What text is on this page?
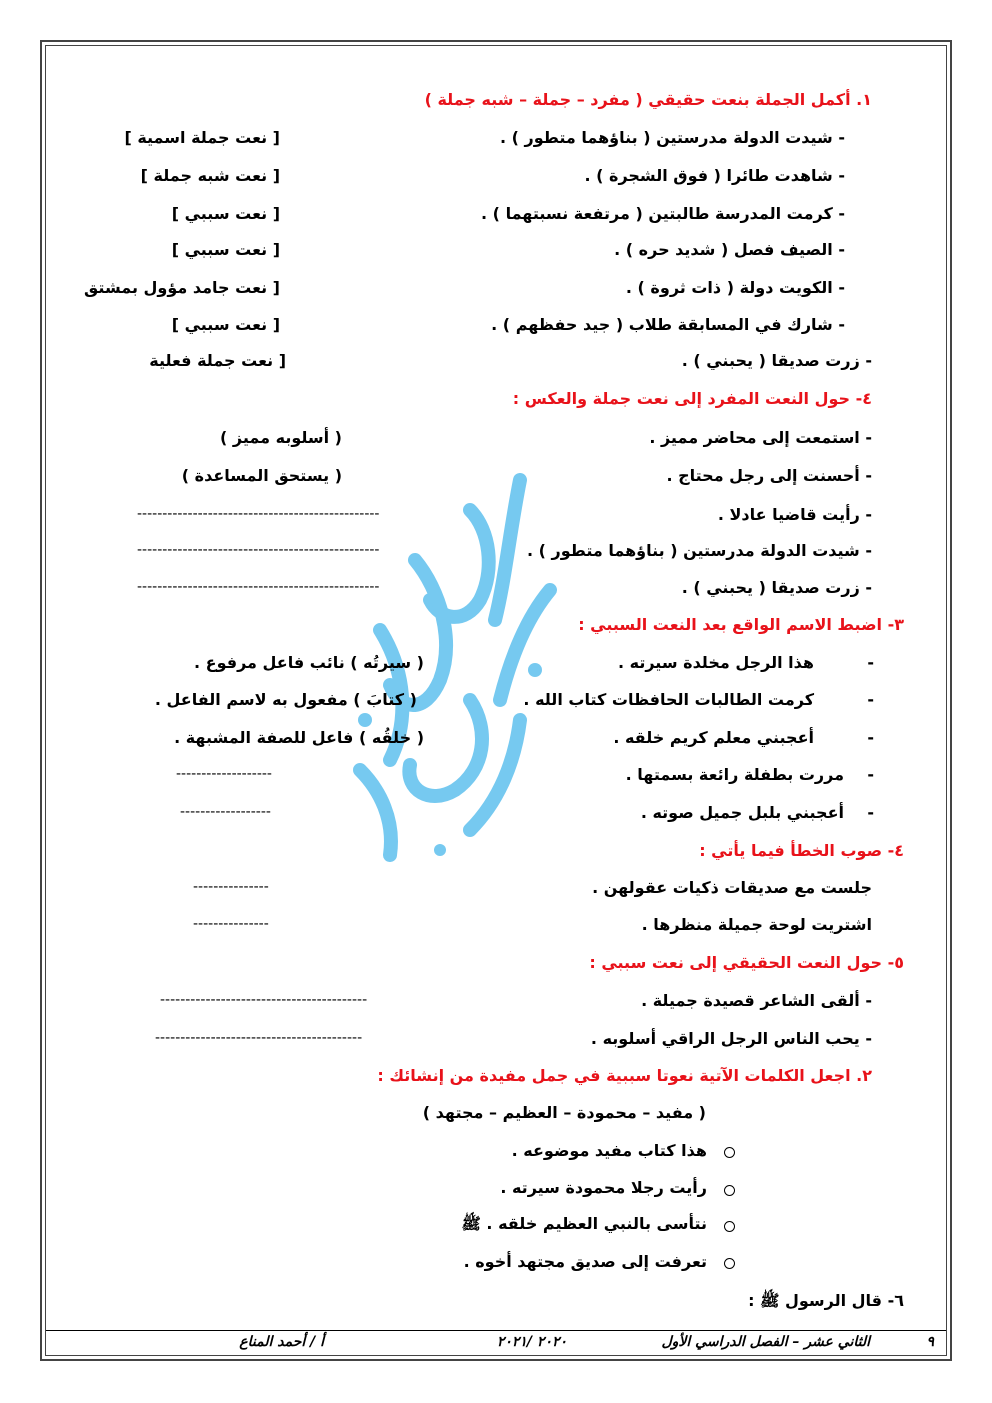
١. أكمل الجملة بنعت حقيقي ( مفرد – جملة – شبه جملة )
- شيدت الدولة مدرستين ( بناؤهما متطور ) .
[ نعت جملة اسمية ]
- شاهدت طائرا ( فوق الشجرة ) .
[ نعت شبه جملة ]
- كرمت المدرسة طالبتين ( مرتفعة نسبتهما ) .
[ نعت سببي ]
- الصيف فصل ( شديد حره ) .
[ نعت سببي ]
- الكويت دولة ( ذات ثروة ) .
[ نعت جامد مؤول بمشتق
- شارك في المسابقة طلاب ( جيد حفظهم ) .
[ نعت سببي ]
- زرت صديقا ( يحبني ) .
[ نعت جملة فعلية
٤- حول النعت المفرد إلى نعت جملة والعكس :
- استمعت إلى محاضر مميز .
( أسلوبه مميز )
- أحسنت إلى رجل محتاج .
( يستحق المساعدة )
- رأيت قاضيا عادلا .
------------------------------------------------
- شيدت الدولة مدرستين ( بناؤهما متطور ) .
------------------------------------------------
- زرت صديقا ( يحبني ) .
------------------------------------------------
٣- اضبط الاسم الواقع بعد النعت السببي :
-
هذا الرجل مخلدة سيرته .
( سيرتُه ) نائب فاعل مرفوع .
-
كرمت الطالبات الحافظات كتاب الله .
( كتابَ ) مفعول به لاسم الفاعل .
-
أعجبني معلم كريم خلقه .
( خلقُه ) فاعل للصفة المشبهة .
-
مررت بطفلة رائعة بسمتها .
-------------------
-
أعجبني بلبل جميل صوته .
------------------
٤- صوب الخطأ فيما يأتي :
جلست مع صديقات ذكيات عقولهن .
---------------
اشتريت لوحة جميلة منظرها .
---------------
٥- حول النعت الحقيقي إلى نعت سببي :
- ألقى الشاعر قصيدة جميلة .
-----------------------------------------
- يحب الناس الرجل الراقي أسلوبه .
-----------------------------------------
٢. اجعل الكلمات الآتية نعوتا سببية في جمل مفيدة من إنشائك :
( مفيد – محمودة – العظيم – مجتهد )
هذا كتاب مفيد موضوعه .
رأيت رجلا محمودة سيرته .
نتأسى بالنبي العظيم خلقه . ﷺ
تعرفت إلى صديق مجتهد أخوه .
٦- قال الرسول ﷺ :
٩
الثاني عشر – الفصل الدراسي الأول
٢٠٢٠ /٢٠٢١
أ / أحمد المناع
